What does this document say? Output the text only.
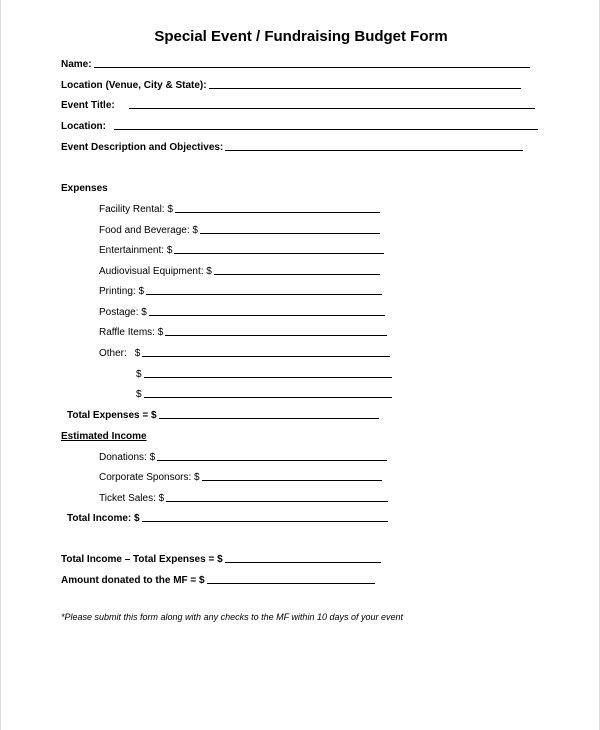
Special Event / Fundraising Budget Form
Name:
Location (Venue, City & State):
Event Title:
Location:
Event Description and Objectives:
Expenses
Facility Rental: $
Food and Beverage: $
Entertainment: $
Audiovisual Equipment: $
Printing: $
Postage: $
Raffle Items: $
Other: $
$
$
Total Expenses = $
Estimated Income
Donations: $
Corporate Sponsors: $
Ticket Sales: $
Total Income: $
Total Income – Total Expenses = $
Amount donated to the MF = $
*Please submit this form along with any checks to the MF within 10 days of your event
